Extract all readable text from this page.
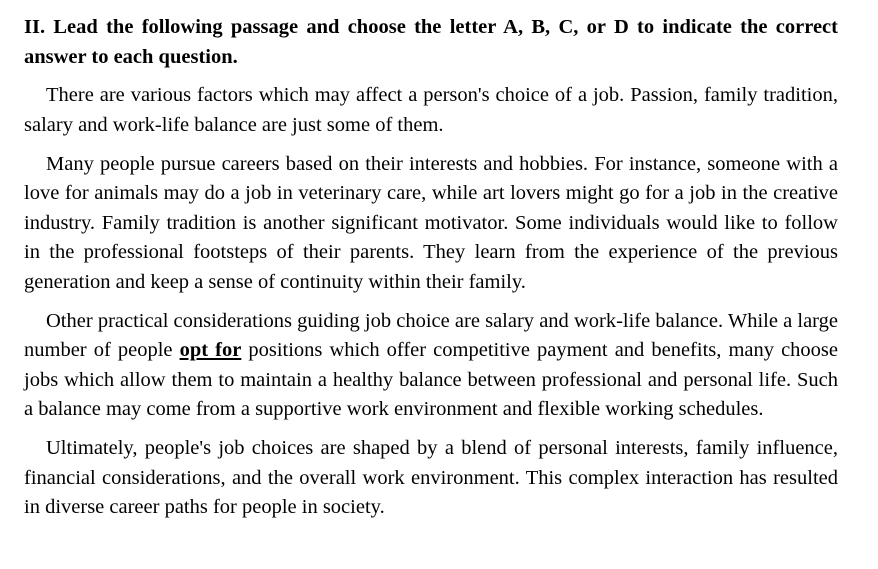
II. Lead the following passage and choose the letter A, B, C, or D to indicate the correct answer to each question.

There are various factors which may affect a person's choice of a job. Passion, family tradition, salary and work-life balance are just some of them.

Many people pursue careers based on their interests and hobbies. For instance, someone with a love for animals may do a job in veterinary care, while art lovers might go for a job in the creative industry. Family tradition is another significant motivator. Some individuals would like to follow in the professional footsteps of their parents. They learn from the experience of the previous generation and keep a sense of continuity within their family.

Other practical considerations guiding job choice are salary and work-life balance. While a large number of people opt for positions which offer competitive payment and benefits, many choose jobs which allow them to maintain a healthy balance between professional and personal life. Such a balance may come from a supportive work environment and flexible working schedules.

Ultimately, people's job choices are shaped by a blend of personal interests, family influence, financial considerations, and the overall work environment. This complex interaction has resulted in diverse career paths for people in society.
